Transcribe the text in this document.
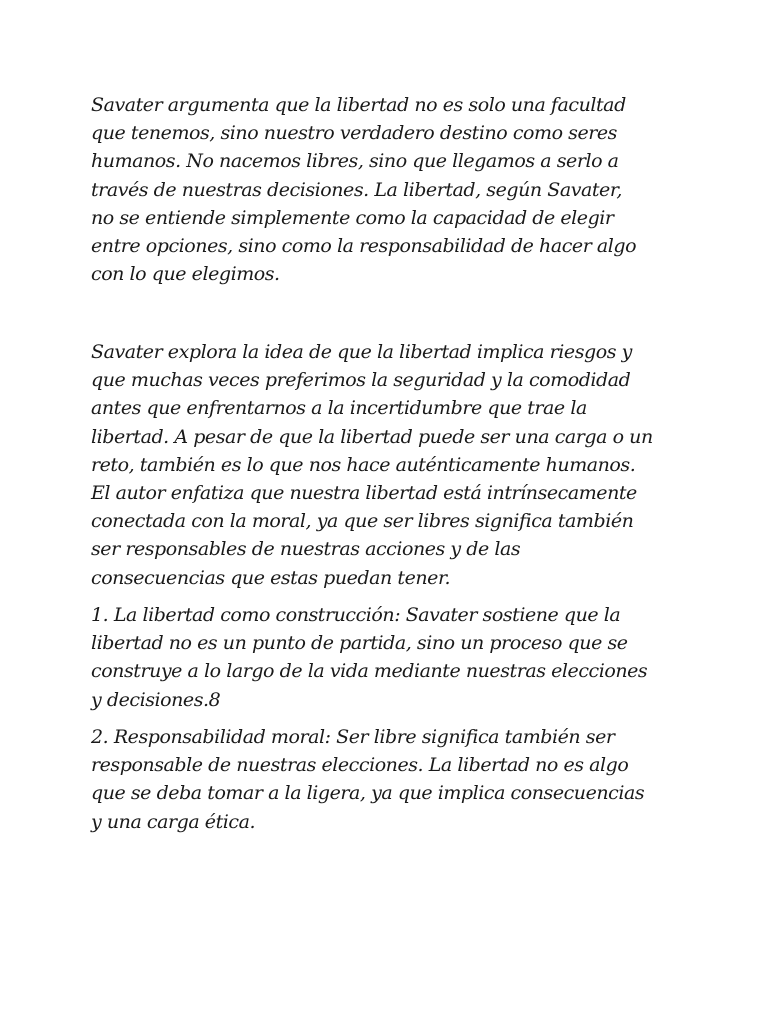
Savater argumenta que la libertad no es solo una facultad
que tenemos, sino nuestro verdadero destino como seres
humanos. No nacemos libres, sino que llegamos a serlo a
través de nuestras decisiones. La libertad, según Savater,
no se entiende simplemente como la capacidad de elegir
entre opciones, sino como la responsabilidad de hacer algo
con lo que elegimos.

Savater explora la idea de que la libertad implica riesgos y
que muchas veces preferimos la seguridad y la comodidad
antes que enfrentarnos a la incertidumbre que trae la
libertad. A pesar de que la libertad puede ser una carga o un
reto, también es lo que nos hace auténticamente humanos.
El autor enfatiza que nuestra libertad está intrínsecamente
conectada con la moral, ya que ser libres significa también
ser responsables de nuestras acciones y de las
consecuencias que estas puedan tener.

1. La libertad como construcción: Savater sostiene que la
libertad no es un punto de partida, sino un proceso que se
construye a lo largo de la vida mediante nuestras elecciones
y decisiones.8

2. Responsabilidad moral: Ser libre significa también ser
responsable de nuestras elecciones. La libertad no es algo
que se deba tomar a la ligera, ya que implica consecuencias
y una carga ética.
